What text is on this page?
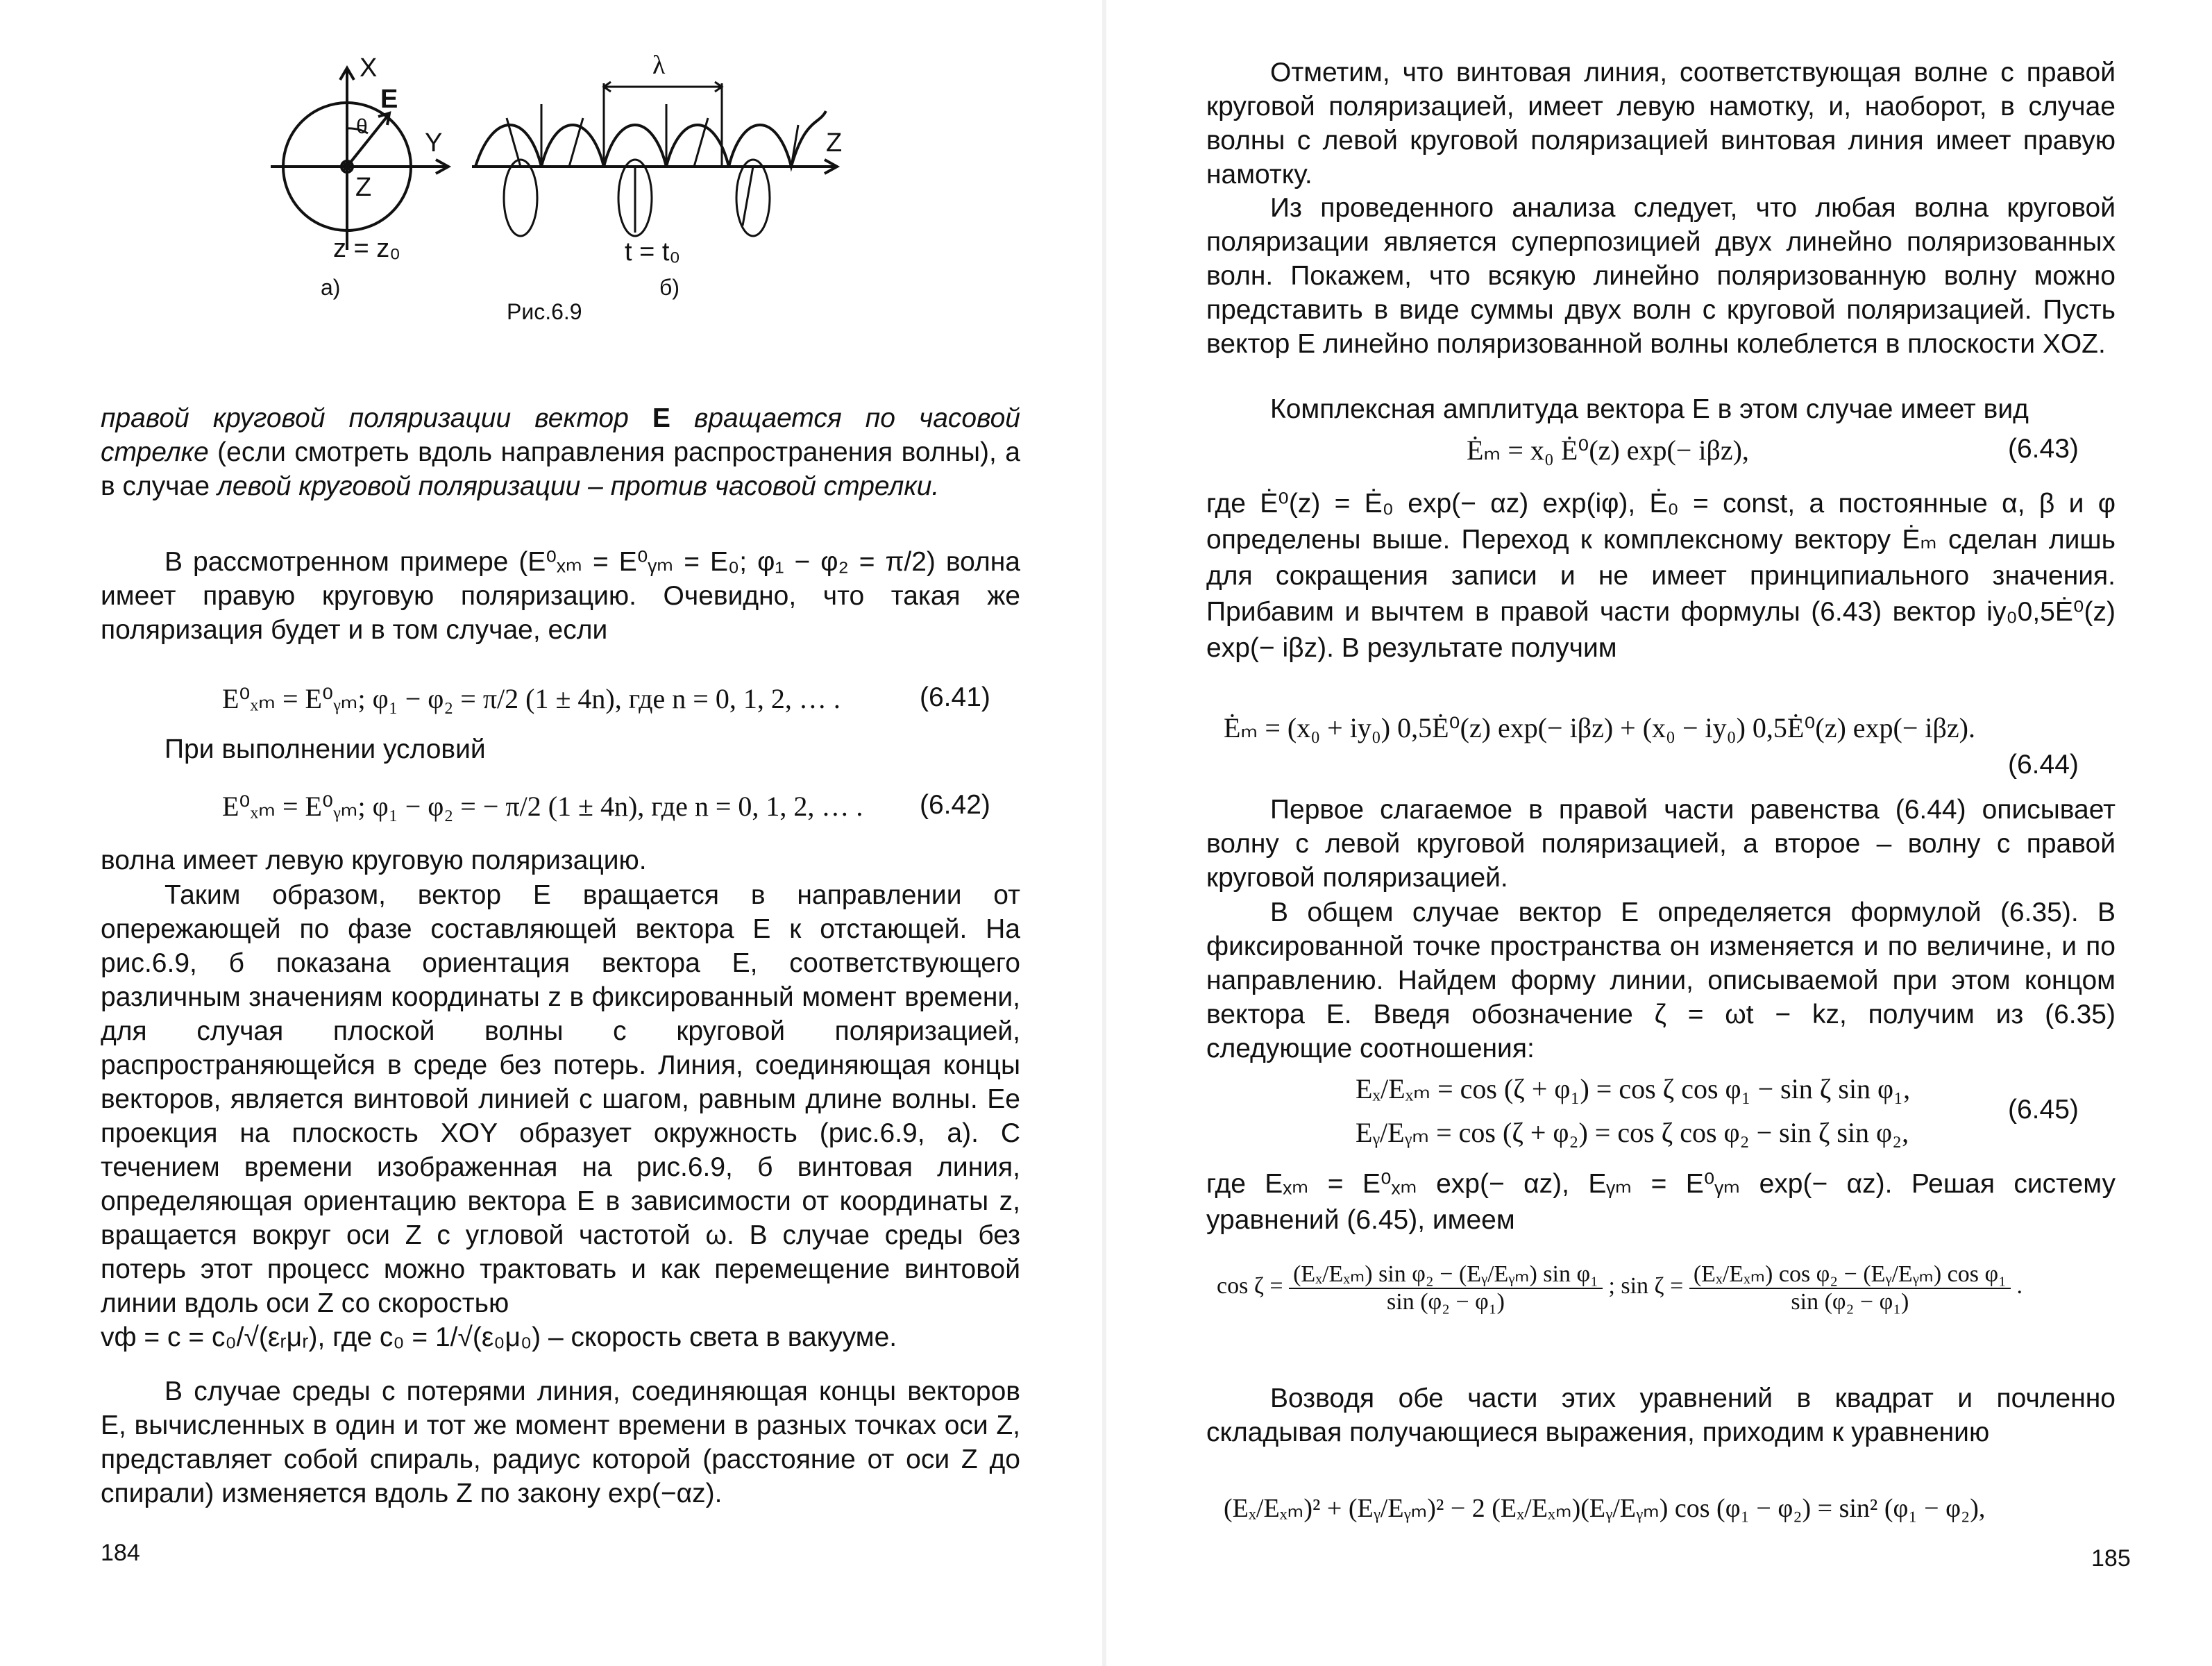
X
E
θ
Y
Z
λ
Z
z = z₀	t = t₀
а)	б)
Рис.6.9

правой круговой поляризации вектор E вращается по часовой стрелке (если смотреть вдоль направления распространения волны), а в случае левой круговой поляризации – против часовой стрелки.

В рассмотренном примере (E⁰ₓₘ = E⁰ᵧₘ = E₀; φ₁ − φ₂ = π/2) волна имеет правую круговую поляризацию. Очевидно, что такая же поляризация будет и в том случае, если

E⁰ₓₘ = E⁰ᵧₘ; φ₁ − φ₂ = π/2 (1 ± 4n), где n = 0, 1, 2, … .	(6.41)

При выполнении условий

E⁰ₓₘ = E⁰ᵧₘ; φ₁ − φ₂ = − π/2 (1 ± 4n), где n = 0, 1, 2, … . (6.42)

волна имеет левую круговую поляризацию.

Таким образом, вектор E вращается в направлении от опережающей по фазе составляющей вектора E к отстающей. На рис.6.9, б показана ориентация вектора E, соответствующего различным значениям координаты z в фиксированный момент времени, для случая плоской волны с круговой поляризацией, распространяющейся в среде без потерь. Линия, соединяющая концы векторов, является винтовой линией с шагом, равным длине волны. Ее проекция на плоскость XOY образует окружность (рис.6.9, а). С течением времени изображенная на рис.6.9, б винтовая линия, определяющая ориентацию вектора E в зависимости от координаты z, вращается вокруг оси Z с угловой частотой ω. В случае среды без потерь этот процесс можно трактовать и как перемещение винтовой линии вдоль оси Z со скоростью

vф = c = c₀/√(εᵣμᵣ), где c₀ = 1/√(ε₀μ₀) – скорость света в вакууме.

В случае среды с потерями линия, соединяющая концы векторов E, вычисленных в один и тот же момент времени в разных точках оси Z, представляет собой спираль, радиус которой (расстояние от оси Z до спирали) изменяется вдоль Z по закону exp(−αz).

184

Отметим, что винтовая линия, соответствующая волне с правой круговой поляризацией, имеет левую намотку, и, наоборот, в случае волны с левой круговой поляризацией винтовая линия имеет правую намотку.

Из проведенного анализа следует, что любая волна круговой поляризации является суперпозицией двух линейно поляризованных волн. Покажем, что всякую линейно поляризованную волну можно представить в виде суммы двух волн с круговой поляризацией. Пусть вектор E линейно поляризованной волны колеблется в плоскости XOZ.

Комплексная амплитуда вектора E в этом случае имеет вид

Ėₘ = x₀ Ė⁰(z) exp(− iβz),	(6.43)

где Ė⁰(z) = Ė₀ exp(− αz) exp(iφ), Ė₀ = const, а постоянные α, β и φ определены выше. Переход к комплексному вектору Ėₘ сделан лишь для сокращения записи и не имеет принципиального значения. Прибавим и вычтем в правой части формулы (6.43) вектор iy₀0,5Ė⁰(z) exp(− iβz). В результате получим

Ėₘ = (x₀ + iy₀) 0,5Ė⁰(z) exp(− iβz) + (x₀ − iy₀) 0,5Ė⁰(z) exp(− iβz).
(6.44)

Первое слагаемое в правой части равенства (6.44) описывает волну с левой круговой поляризацией, а второе – волну с правой круговой поляризацией.

В общем случае вектор E определяется формулой (6.35). В фиксированной точке пространства он изменяется и по величине, и по направлению. Найдем форму линии, описываемой при этом концом вектора E. Введя обозначение ζ = ωt − kz, получим из (6.35) следующие соотношения:

Eₓ/Eₓₘ = cos (ζ + φ₁) = cos ζ cos φ₁ − sin ζ sin φ₁,
Eᵧ/Eᵧₘ = cos (ζ + φ₂) = cos ζ cos φ₂ − sin ζ sin φ₂,
(6.45)

где Eₓₘ = E⁰ₓₘ exp(− αz), Eᵧₘ = E⁰ᵧₘ exp(− αz). Решая систему уравнений (6.45), имеем

$\cos \zeta = \frac{\text{(Eₓ/Eₓₘ) sin φ₂ − (Eᵧ/Eᵧₘ) sin φ₁}}{\text{sin (φ₂ − φ₁)}}$ ; $\sin \zeta = \frac{\text{(Eₓ/Eₓₘ) cos φ₂ − (Eᵧ/Eᵧₘ) cos φ₁}}{\text{sin (φ₂ − φ₁)}}$ .

Возводя обе части этих уравнений в квадрат и почленно складывая получающиеся выражения, приходим к уравнению

(Eₓ/Eₓₘ)² + (Eᵧ/Eᵧₘ)² − 2 (Eₓ/Eₓₘ)(Eᵧ/Eᵧₘ) cos (φ₁ − φ₂) = sin² (φ₁ − φ₂),
185
